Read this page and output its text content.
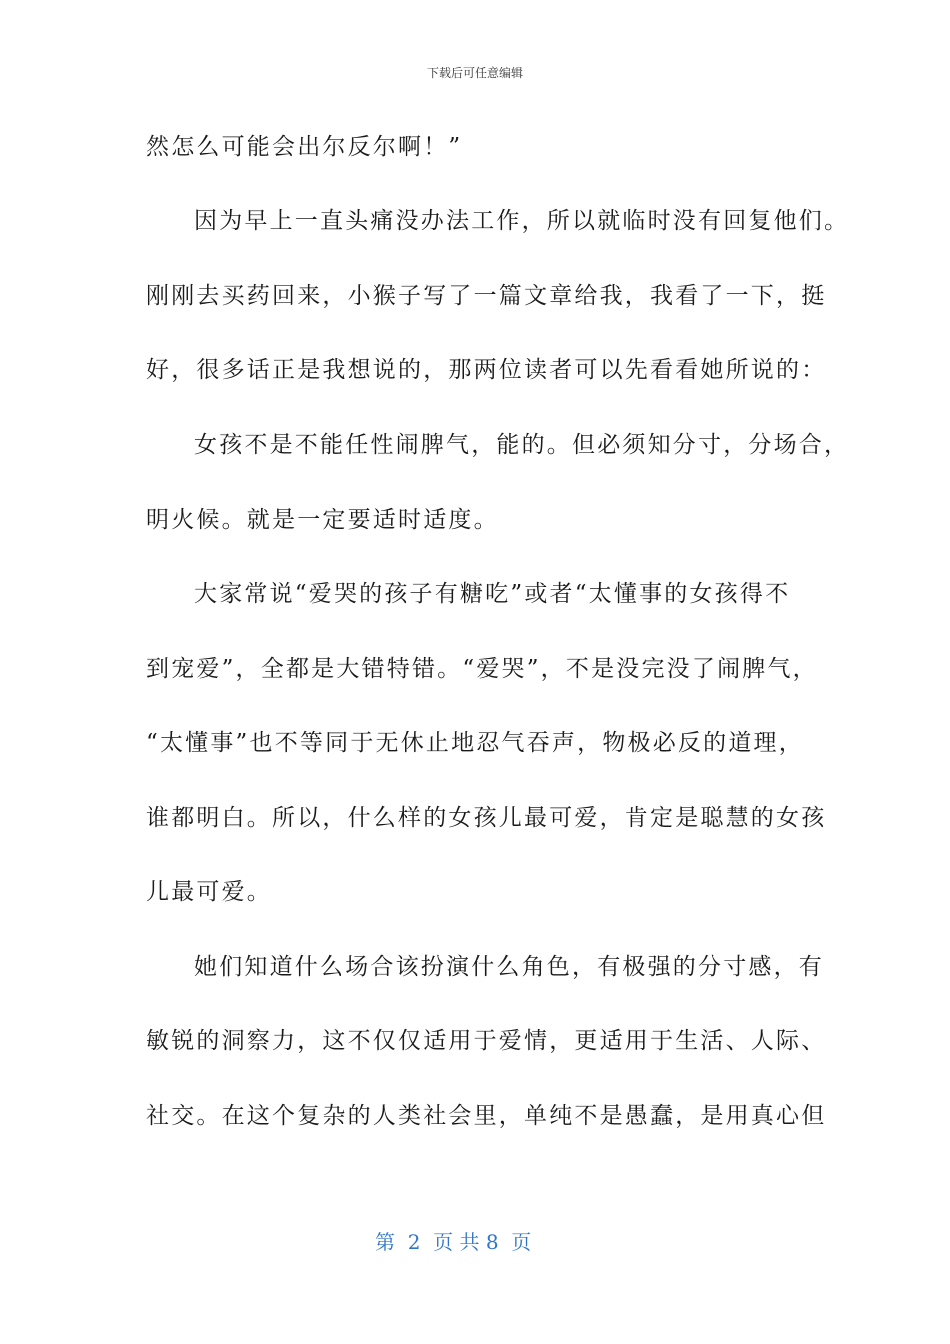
下载后可任意编辑
然怎么可能会出尔反尔啊！”
因为早上一直头痛没办法工作，所以就临时没有回复他们。
刚刚去买药回来，小猴子写了一篇文章给我，我看了一下，挺
好，很多话正是我想说的，那两位读者可以先看看她所说的：
女孩不是不能任性闹脾气，能的。但必须知分寸，分场合，
明火候。就是一定要适时适度。
大家常说“爱哭的孩子有糖吃”或者“太懂事的女孩得不
到宠爱”，全都是大错特错。“爱哭”，不是没完没了闹脾气，
“太懂事”也不等同于无休止地忍气吞声，物极必反的道理，
谁都明白。所以，什么样的女孩儿最可爱，肯定是聪慧的女孩
儿最可爱。
她们知道什么场合该扮演什么角色，有极强的分寸感，有
敏锐的洞察力，这不仅仅适用于爱情，更适用于生活、人际、
社交。在这个复杂的人类社会里，单纯不是愚蠢，是用真心但
第  2  页 共 8  页
